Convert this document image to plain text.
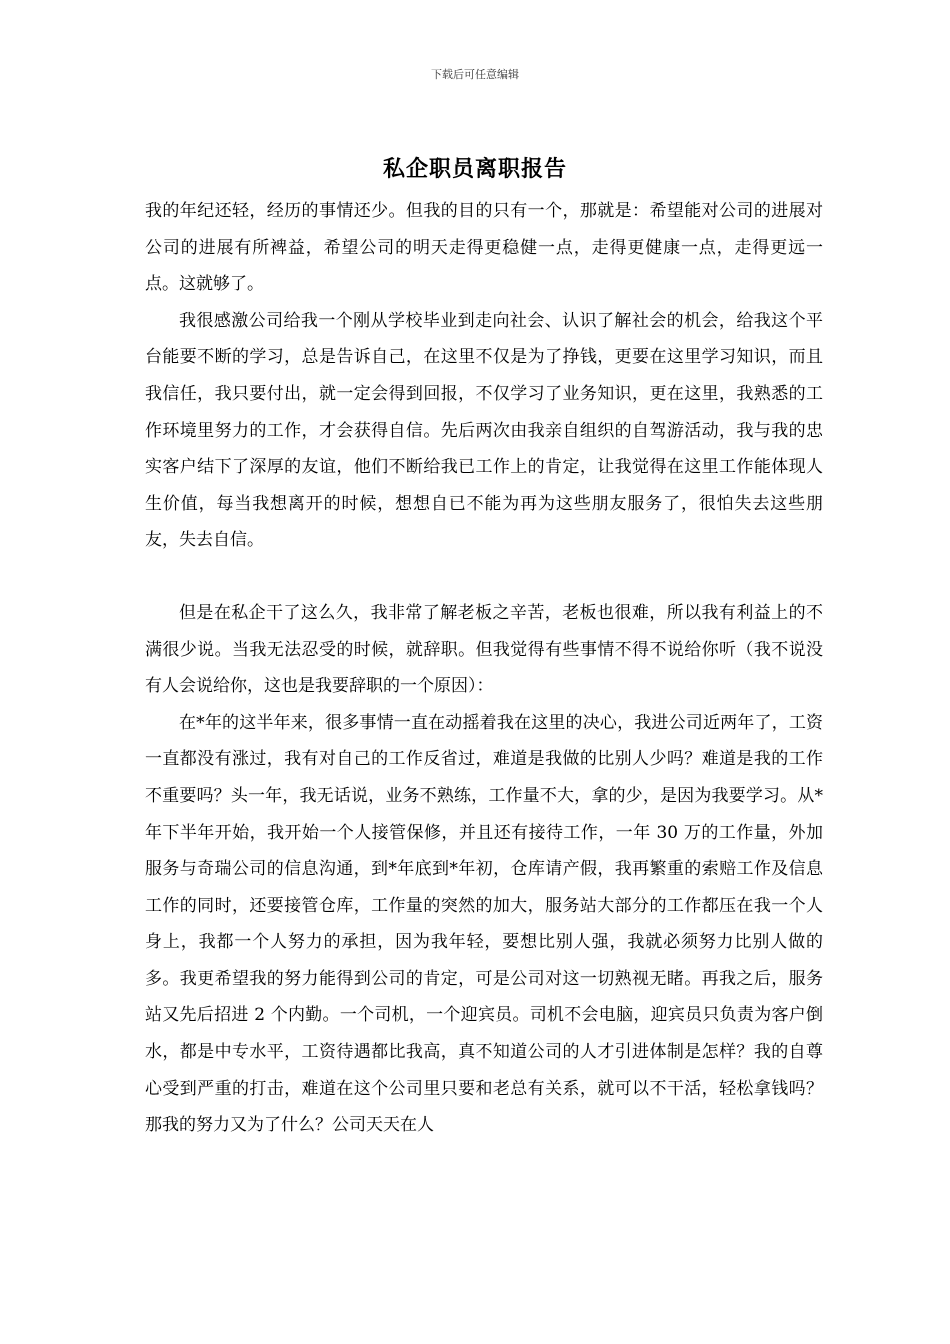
下载后可任意编辑
私企职员离职报告

我的年纪还轻，经历的事情还少。但我的目的只有一个，那就是：希望能对公司的进展对公司的进展有所裨益，希望公司的明天走得更稳健一点，走得更健康一点，走得更远一点。这就够了。

我很感激公司给我一个刚从学校毕业到走向社会、认识了解社会的机会，给我这个平台能要不断的学习，总是告诉自己，在这里不仅是为了挣钱，更要在这里学习知识，而且我信任，我只要付出，就一定会得到回报，不仅学习了业务知识，更在这里，我熟悉的工作环境里努力的工作，才会获得自信。先后两次由我亲自组织的自驾游活动，我与我的忠实客户结下了深厚的友谊，他们不断给我已工作上的肯定，让我觉得在这里工作能体现人生价值，每当我想离开的时候，想想自已不能为再为这些朋友服务了，很怕失去这些朋友，失去自信。

但是在私企干了这么久，我非常了解老板之辛苦，老板也很难，所以我有利益上的不满很少说。当我无法忍受的时候，就辞职。但我觉得有些事情不得不说给你听（我不说没有人会说给你，这也是我要辞职的一个原因）：

在*年的这半年来，很多事情一直在动摇着我在这里的决心，我进公司近两年了，工资一直都没有涨过，我有对自己的工作反省过，难道是我做的比别人少吗？难道是我的工作不重要吗？头一年，我无话说，业务不熟练，工作量不大，拿的少，是因为我要学习。从*年下半年开始，我开始一个人接管保修，并且还有接待工作，一年 30 万的工作量，外加服务与奇瑞公司的信息沟通，到*年底到*年初，仓库请产假，我再繁重的索赔工作及信息工作的同时，还要接管仓库，工作量的突然的加大，服务站大部分的工作都压在我一个人身上，我都一个人努力的承担，因为我年轻，要想比别人强，我就必须努力比别人做的多。我更希望我的努力能得到公司的肯定，可是公司对这一切熟视无睹。再我之后，服务站又先后招进 2 个内勤。一个司机，一个迎宾员。司机不会电脑，迎宾员只负责为客户倒水，都是中专水平，工资待遇都比我高，真不知道公司的人才引进体制是怎样？我的自尊心受到严重的打击，难道在这个公司里只要和老总有关系，就可以不干活，轻松拿钱吗？那我的努力又为了什么？公司天天在人
